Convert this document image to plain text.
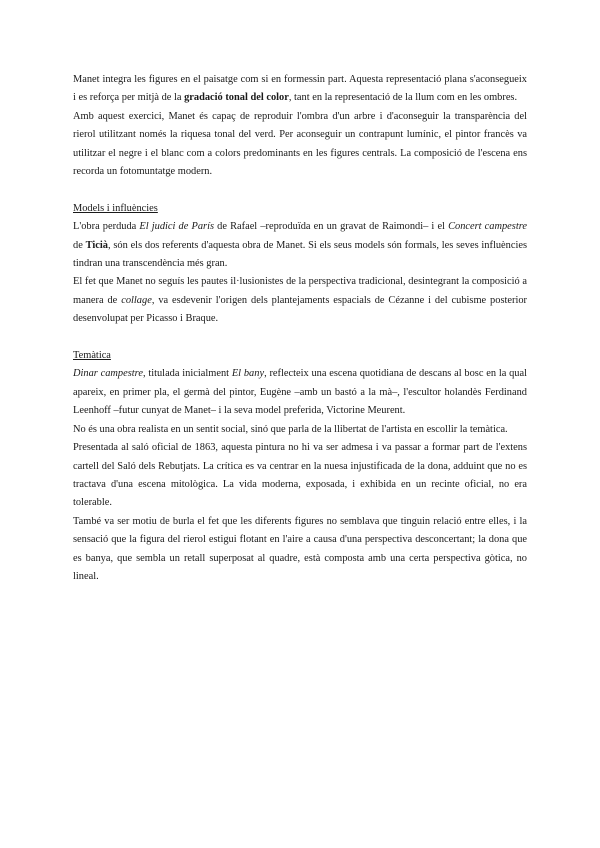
Manet integra les figures en el paisatge com si en formessin part. Aquesta representació plana s'aconsegueix i es reforça per mitjà de la gradació tonal del color, tant en la representació de la llum com en les ombres.

Amb aquest exercici, Manet és capaç de reproduir l'ombra d'un arbre i d'aconseguir la transparència del rierol utilitzant només la riquesa tonal del verd. Per aconseguir un contrapunt lumínic, el pintor francès va utilitzar el negre i el blanc com a colors predominants en les figures centrals. La composició de l'escena ens recorda un fotomuntatge modern.

Models i influències

L'obra perduda El judici de París de Rafael –reproduïda en un gravat de Raimondi– i el Concert campestre de Ticià, són els dos referents d'aquesta obra de Manet. Si els seus models són formals, les seves influències tindran una transcendència més gran.

El fet que Manet no seguís les pautes il·lusionistes de la perspectiva tradicional, desintegrant la composició a manera de collage, va esdevenir l'origen dels plantejaments espacials de Cézanne i del cubisme posterior desenvolupat per Picasso i Braque.

Temàtica

Dinar campestre, titulada inicialment El bany, reflecteix una escena quotidiana de descans al bosc en la qual apareix, en primer pla, el germà del pintor, Eugène –amb un bastó a la mà–, l'escultor holandès Ferdinand Leenhoff –futur cunyat de Manet– i la seva model preferida, Victorine Meurent.

No és una obra realista en un sentit social, sinó que parla de la llibertat de l'artista en escollir la temàtica.

Presentada al saló oficial de 1863, aquesta pintura no hi va ser admesa i va passar a formar part de l'extens cartell del Saló dels Rebutjats. La crítica es va centrar en la nuesa injustificada de la dona, adduint que no es tractava d'una escena mitològica. La vida moderna, exposada, i exhibida en un recinte oficial, no era tolerable.

També va ser motiu de burla el fet que les diferents figures no semblava que tinguin relació entre elles, i la sensació que la figura del rierol estigui flotant en l'aire a causa d'una perspectiva desconcertant; la dona que es banya, que sembla un retall superposat al quadre, està composta amb una certa perspectiva gòtica, no lineal.
